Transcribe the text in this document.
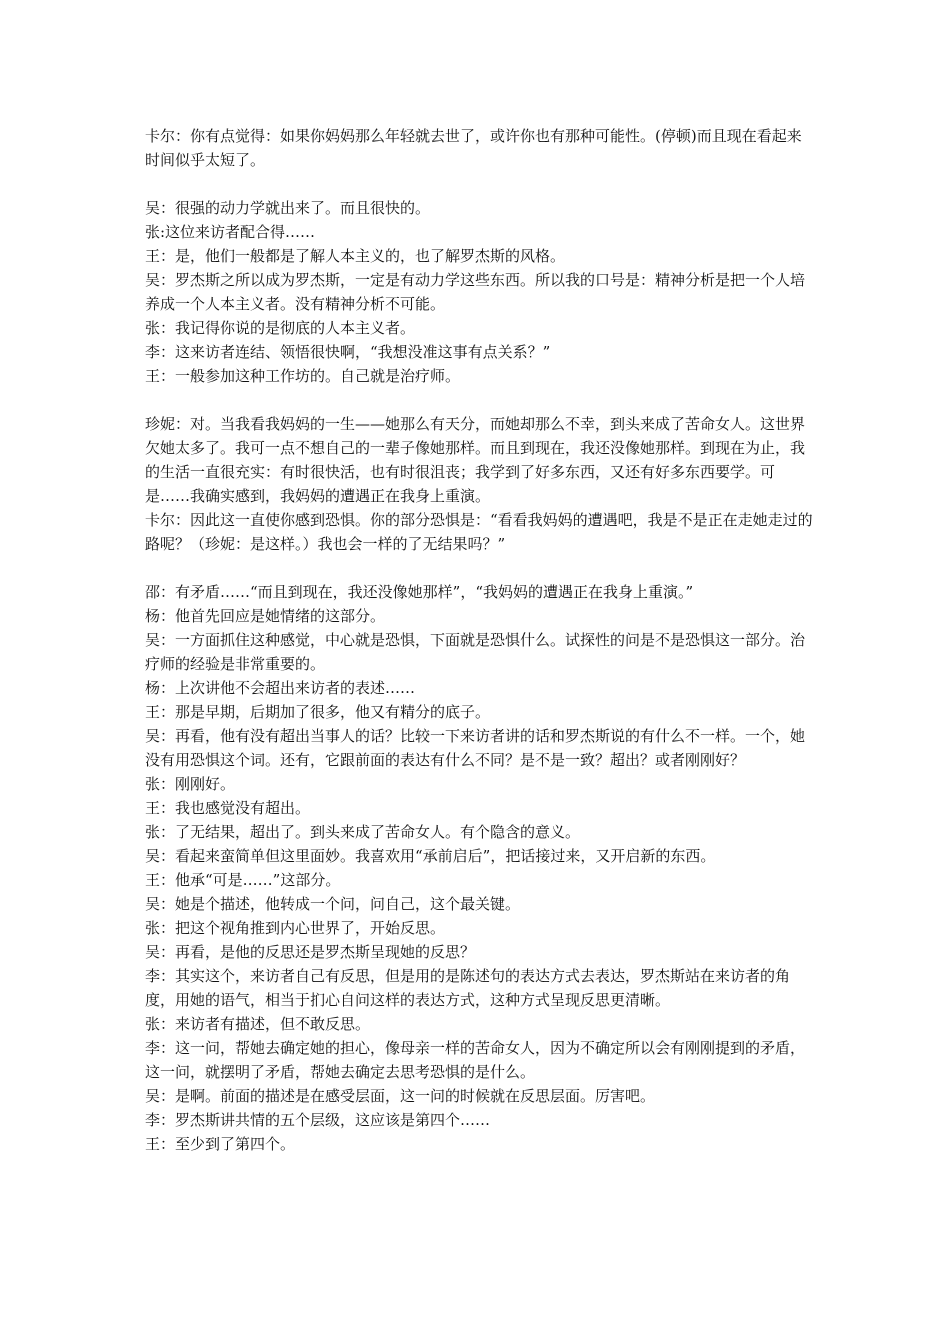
卡尔：你有点觉得：如果你妈妈那么年轻就去世了，或许你也有那种可能性。(停顿)而且现在看起来时间似乎太短了。

吴：很强的动力学就出来了。而且很快的。

张:这位来访者配合得……

王：是，他们一般都是了解人本主义的，也了解罗杰斯的风格。

吴：罗杰斯之所以成为罗杰斯，一定是有动力学这些东西。所以我的口号是：精神分析是把一个人培养成一个人本主义者。没有精神分析不可能。

张：我记得你说的是彻底的人本主义者。

李：这来访者连结、领悟很快啊，“我想没准这事有点关系？”

王：一般参加这种工作坊的。自己就是治疗师。

珍妮：对。当我看我妈妈的一生——她那么有天分，而她却那么不幸，到头来成了苦命女人。这世界欠她太多了。我可一点不想自己的一辈子像她那样。而且到现在，我还没像她那样。到现在为止，我的生活一直很充实：有时很快活，也有时很沮丧；我学到了好多东西，又还有好多东西要学。可是……我确实感到，我妈妈的遭遇正在我身上重演。

卡尔：因此这一直使你感到恐惧。你的部分恐惧是：“看看我妈妈的遭遇吧，我是不是正在走她走过的路呢？（珍妮：是这样。）我也会一样的了无结果吗？”

邵：有矛盾……“而且到现在，我还没像她那样”，“我妈妈的遭遇正在我身上重演。”

杨：他首先回应是她情绪的这部分。

吴：一方面抓住这种感觉，中心就是恐惧，下面就是恐惧什么。试探性的问是不是恐惧这一部分。治疗师的经验是非常重要的。

杨：上次讲他不会超出来访者的表述……

王：那是早期，后期加了很多，他又有精分的底子。

吴：再看，他有没有超出当事人的话？比较一下来访者讲的话和罗杰斯说的有什么不一样。一个，她没有用恐惧这个词。还有，它跟前面的表达有什么不同？是不是一致？超出？或者刚刚好？

张：刚刚好。

王：我也感觉没有超出。

张：了无结果，超出了。到头来成了苦命女人。有个隐含的意义。

吴：看起来蛮简单但这里面妙。我喜欢用“承前启后”，把话接过来，又开启新的东西。

王：他承“可是……”这部分。

吴：她是个描述，他转成一个问，问自己，这个最关键。

张：把这个视角推到内心世界了，开始反思。

吴：再看，是他的反思还是罗杰斯呈现她的反思？

李：其实这个，来访者自己有反思，但是用的是陈述句的表达方式去表达，罗杰斯站在来访者的角度，用她的语气，相当于扪心自问这样的表达方式，这种方式呈现反思更清晰。

张：来访者有描述，但不敢反思。

李：这一问，帮她去确定她的担心，像母亲一样的苦命女人，因为不确定所以会有刚刚提到的矛盾，这一问，就摆明了矛盾，帮她去确定去思考恐惧的是什么。

吴：是啊。前面的描述是在感受层面，这一问的时候就在反思层面。厉害吧。

李：罗杰斯讲共情的五个层级，这应该是第四个……

王：至少到了第四个。
